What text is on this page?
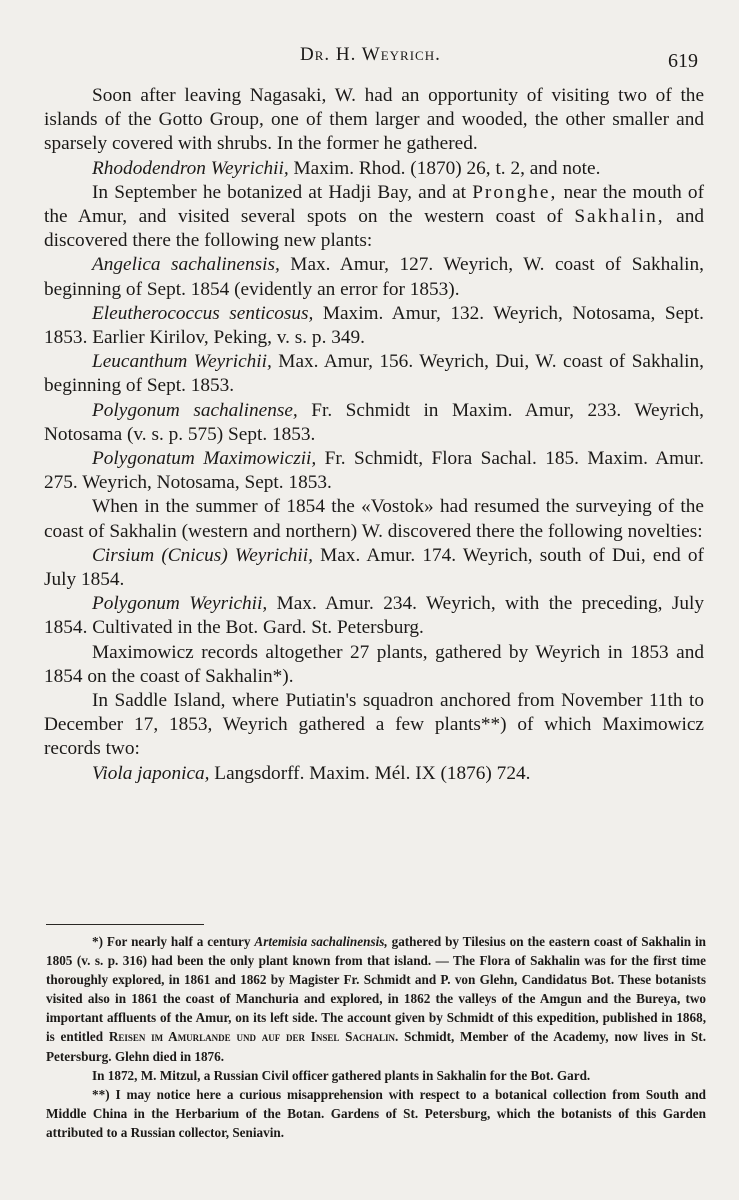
Dr. H. Weyrich.	619

Soon after leaving Nagasaki, W. had an opportunity of visiting two of the islands of the Gotto Group, one of them larger and wooded, the other smaller and sparsely covered with shrubs. In the former he gathered.

Rhododendron Weyrichii, Maxim. Rhod. (1870) 26, t. 2, and note.

In September he botanized at Hadji Bay, and at Pronghe, near the mouth of the Amur, and visited several spots on the western coast of Sakhalin, and discovered there the following new plants:

Angelica sachalinensis, Max. Amur, 127. Weyrich, W. coast of Sakhalin, beginning of Sept. 1854 (evidently an error for 1853).

Eleutherococcus senticosus, Maxim. Amur, 132. Weyrich, Notosama, Sept. 1853. Earlier Kirilov, Peking, v. s. p. 349.

Leucanthum Weyrichii, Max. Amur, 156. Weyrich, Dui, W. coast of Sakhalin, beginning of Sept. 1853.

Polygonum sachalinense, Fr. Schmidt in Maxim. Amur, 233. Weyrich, Notosama (v. s. p. 575) Sept. 1853.

Polygonatum Maximowiczii, Fr. Schmidt, Flora Sachal. 185. Maxim. Amur. 275. Weyrich, Notosama, Sept. 1853.

When in the summer of 1854 the «Vostok» had resumed the surveying of the coast of Sakhalin (western and northern) W. discovered there the following novelties:

Cirsium (Cnicus) Weyrichii, Max. Amur. 174. Weyrich, south of Dui, end of July 1854.

Polygonum Weyrichii, Max. Amur. 234. Weyrich, with the preceding, July 1854. Cultivated in the Bot. Gard. St. Petersburg.

Maximowicz records altogether 27 plants, gathered by Weyrich in 1853 and 1854 on the coast of Sakhalin*).

In Saddle Island, where Putiatin's squadron anchored from November 11th to December 17, 1853, Weyrich gathered a few plants**) of which Maximowicz records two:

Viola japonica, Langsdorff. Maxim. Mél. IX (1876) 724.

*) For nearly half a century Artemisia sachalinensis, gathered by Tilesius on the eastern coast of Sakhalin in 1805 (v. s. p. 316) had been the only plant known from that island. — The Flora of Sakhalin was for the first time thoroughly explored, in 1861 and 1862 by Magister Fr. Schmidt and P. von Glehn, Candidatus Bot. These botanists visited also in 1861 the coast of Manchuria and explored, in 1862 the valleys of the Amgun and the Bureya, two important affluents of the Amur, on its left side. The account given by Schmidt of this expedition, published in 1868, is entitled Reisen im Amurlande und auf der Insel Sachalin. Schmidt, Member of the Academy, now lives in St. Petersburg. Glehn died in 1876.

In 1872, M. Mitzul, a Russian Civil officer gathered plants in Sakhalin for the Bot. Gard.

**) I may notice here a curious misapprehension with respect to a botanical collection from South and Middle China in the Herbarium of the Botan. Gardens of St. Petersburg, which the botanists of this Garden attributed to a Russian collector, Seniavin.
